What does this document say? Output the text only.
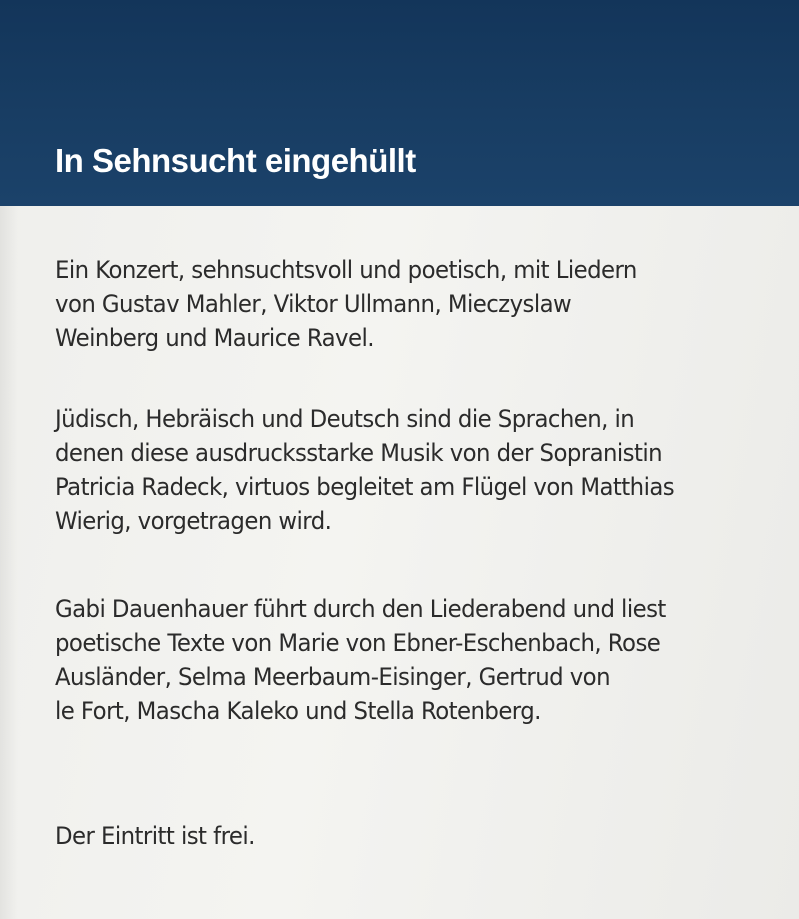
In Sehnsucht eingehüllt

Ein Konzert, sehnsuchtsvoll und poetisch, mit Liedern von Gustav Mahler, Viktor Ullmann, Mieczyslaw Weinberg und Maurice Ravel.

Jüdisch, Hebräisch und Deutsch sind die Sprachen, in denen diese ausdrucksstarke Musik von der Sopranistin Patricia Radeck, virtuos begleitet am Flügel von Matthias Wierig, vorgetragen wird.

Gabi Dauenhauer führt durch den Liederabend und liest poetische Texte von Marie von Ebner-Eschenbach, Rose Ausländer, Selma Meerbaum-Eisinger, Gertrud von le Fort, Mascha Kaleko und Stella Rotenberg.

Der Eintritt ist frei.
